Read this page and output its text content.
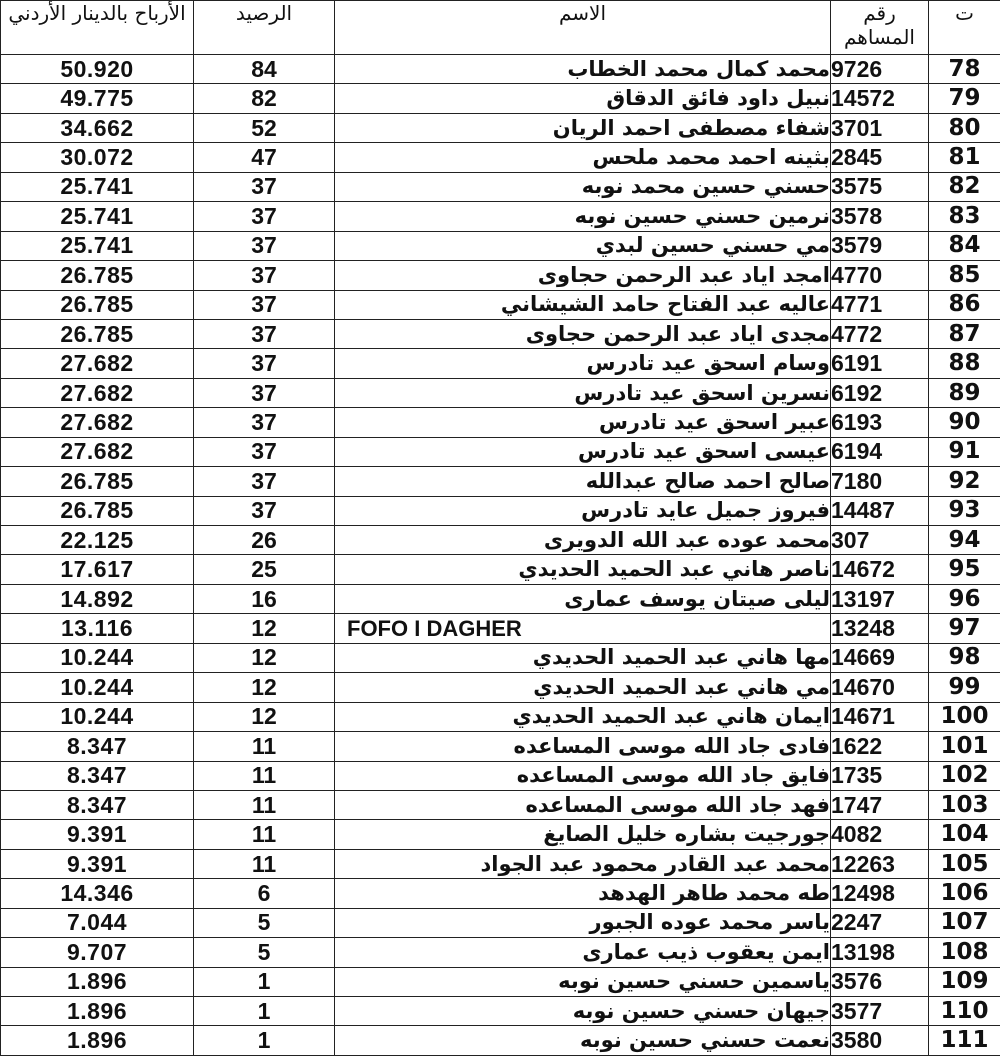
ت	رقم المساهم	الاسم	الرصيد	الأرباح بالدينار الأردني
78	9726	محمد كمال محمد الخطاب	84	50.920
79	14572	نبيل داود فائق الدقاق	82	49.775
80	3701	شفاء مصطفى احمد الريان	52	34.662
81	2845	بثينه احمد محمد ملحس	47	30.072
82	3575	حسني حسين محمد نوبه	37	25.741
83	3578	نرمين حسني حسين نوبه	37	25.741
84	3579	مي حسني حسين لبدي	37	25.741
85	4770	امجد اياد عبد الرحمن حجاوى	37	26.785
86	4771	عاليه عبد الفتاح حامد الشيشاني	37	26.785
87	4772	مجدى اياد عبد الرحمن حجاوى	37	26.785
88	6191	وسام اسحق عيد تادرس	37	27.682
89	6192	نسرين اسحق عيد تادرس	37	27.682
90	6193	عبير اسحق عيد تادرس	37	27.682
91	6194	عيسى اسحق عيد تادرس	37	27.682
92	7180	صالح احمد صالح عبدالله	37	26.785
93	14487	فيروز جميل عايد تادرس	37	26.785
94	307	محمد عوده عبد الله الدويرى	26	22.125
95	14672	ناصر هاني عبد الحميد الحديدي	25	17.617
96	13197	ليلى صيتان يوسف عمارى	16	14.892
97	13248	FOFO I DAGHER	12	13.116
98	14669	مها هاني عبد الحميد الحديدي	12	10.244
99	14670	مي هاني عبد الحميد الحديدي	12	10.244
100	14671	ايمان هاني عبد الحميد الحديدي	12	10.244
101	1622	فادى جاد الله موسى المساعده	11	8.347
102	1735	فايق جاد الله موسى المساعده	11	8.347
103	1747	فهد جاد الله موسى المساعده	11	8.347
104	4082	جورجيت بشاره خليل الصايغ	11	9.391
105	12263	محمد عبد القادر محمود عبد الجواد	11	9.391
106	12498	طه محمد طاهر الهدهد	6	14.346
107	2247	ياسر محمد عوده الجبور	5	7.044
108	13198	ايمن يعقوب ذيب عمارى	5	9.707
109	3576	ياسمين حسني حسين نوبه	1	1.896
110	3577	جيهان حسني حسين نوبه	1	1.896
111	3580	نعمت حسني حسين نوبه	1	1.896
